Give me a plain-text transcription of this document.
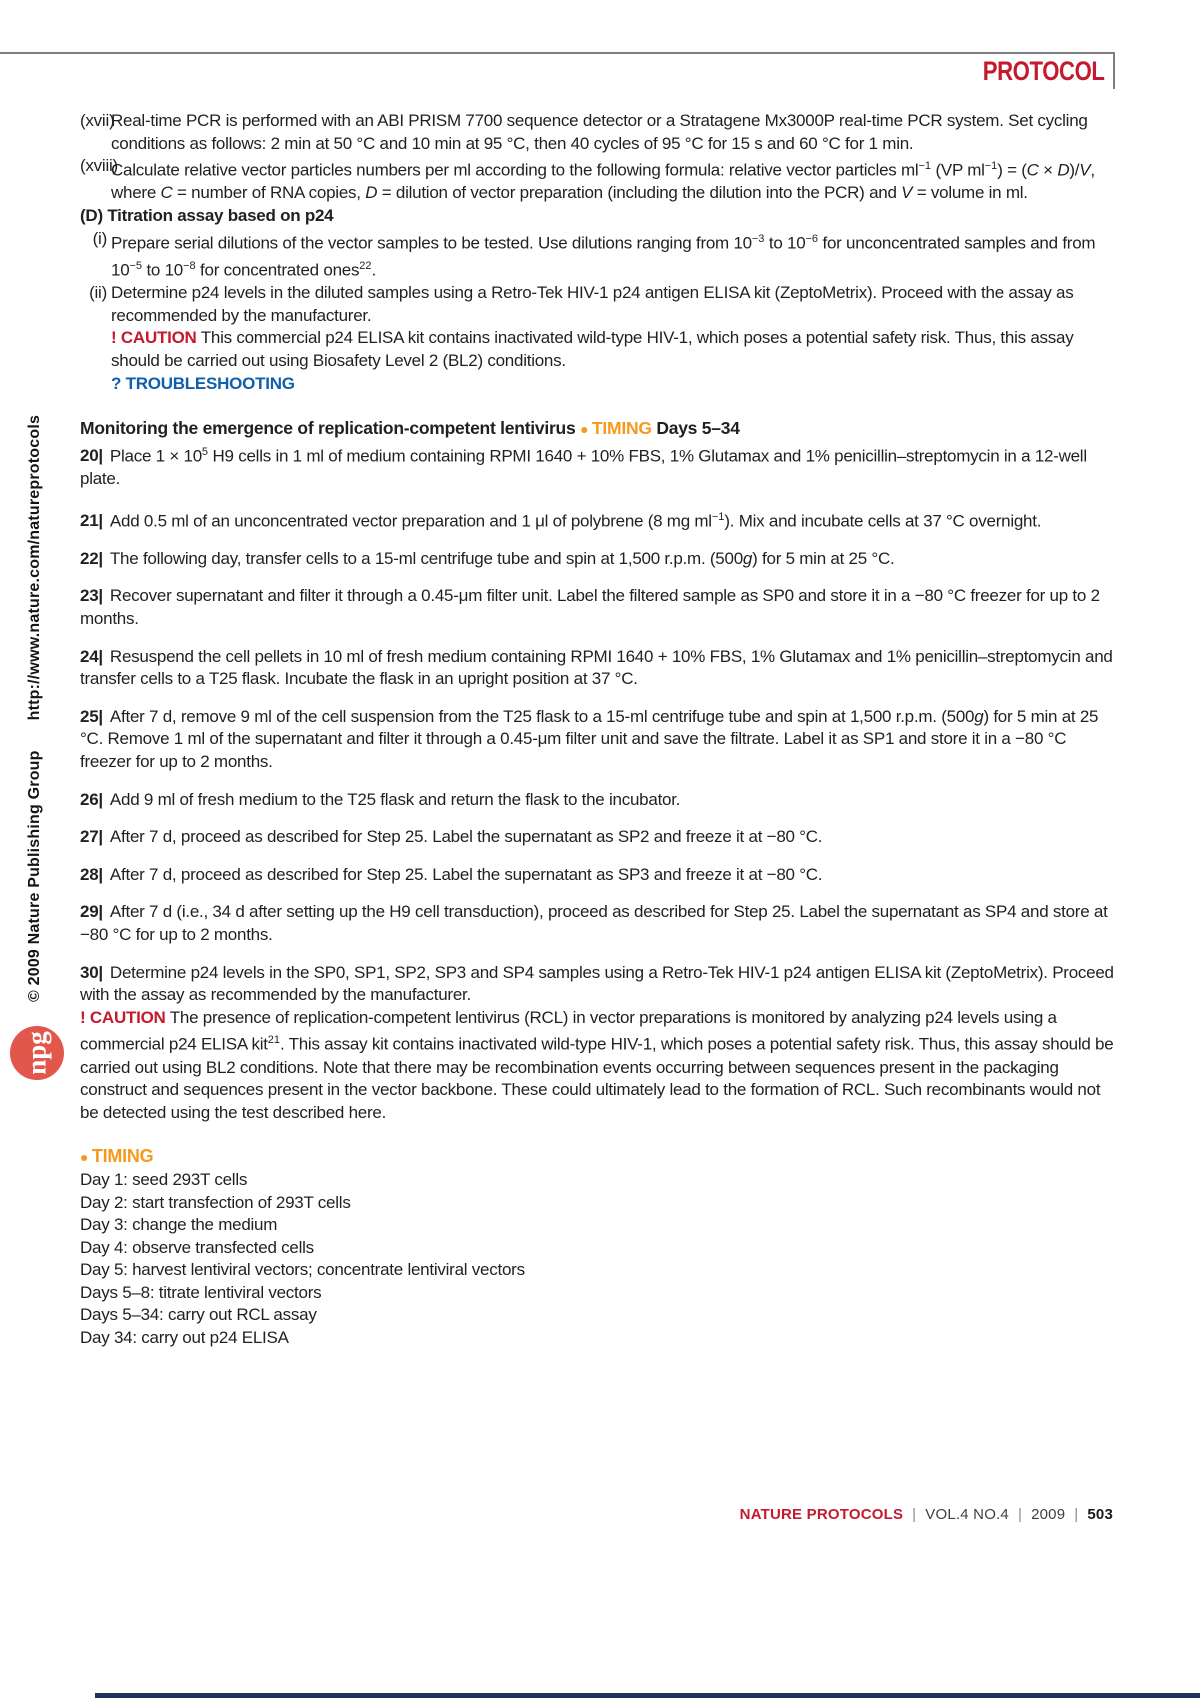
PROTOCOL
© 2009 Nature Publishing Grouphttp://www.nature.com/natureprotocols
npg
(xvii)
Real-time PCR is performed with an ABI PRISM 7700 sequence detector or a Stratagene Mx3000P real-time PCR system. Set cycling conditions as follows: 2 min at 50 °C and 10 min at 95 °C, then 40 cycles of 95 °C for 15 s and 60 °C for 1 min.
(xviii)
Calculate relative vector particles numbers per ml according to the following formula: relative vector particles $ml^{-1}$ (VP $ml^{-1}) = (C \times D)/V$, where C = number of RNA copies, D = dilution of vector preparation (including the dilution into the PCR) and V = volume in ml.
(D) Titration assay based on p24
(i) Prepare serial dilutions of the vector samples to be tested. Use dilutions ranging from $10^{-3}$ to $10^{-6}$ for unconcentrated samples and from $10^{-5}$ to $10^{-8}$ for concentrated ones$^{22}$.
(ii) Determine p24 levels in the diluted samples using a Retro-Tek HIV-1 p24 antigen ELISA kit (ZeptoMetrix). Proceed with the assay as recommended by the manufacturer.
! CAUTION This commercial p24 ELISA kit contains inactivated wild-type HIV-1, which poses a potential safety risk. Thus, this assay should be carried out using Biosafety Level 2 (BL2) conditions.
? TROUBLESHOOTING
Monitoring the emergence of replication-competent lentivirus ● TIMING Days 5–34
20| Place $1 \times 10^5$ H9 cells in 1 ml of medium containing RPMI 1640 + 10% FBS, 1% Glutamax and 1% penicillin–streptomycin in a 12-well plate.
21| Add 0.5 ml of an unconcentrated vector preparation and 1 μl of polybrene (8 mg $ml^{-1}$). Mix and incubate cells at 37 °C overnight.
22| The following day, transfer cells to a 15-ml centrifuge tube and spin at 1,500 r.p.m. (500g) for 5 min at 25 °C.
23| Recover supernatant and filter it through a 0.45-μm filter unit. Label the filtered sample as SP0 and store it in a −80 °C freezer for up to 2 months.
24| Resuspend the cell pellets in 10 ml of fresh medium containing RPMI 1640 + 10% FBS, 1% Glutamax and 1% penicillin–streptomycin and transfer cells to a T25 flask. Incubate the flask in an upright position at 37 °C.
25| After 7 d, remove 9 ml of the cell suspension from the T25 flask to a 15-ml centrifuge tube and spin at 1,500 r.p.m. (500g) for 5 min at 25 °C. Remove 1 ml of the supernatant and filter it through a 0.45-μm filter unit and save the filtrate. Label it as SP1 and store it in a −80 °C freezer for up to 2 months.
26| Add 9 ml of fresh medium to the T25 flask and return the flask to the incubator.
27| After 7 d, proceed as described for Step 25. Label the supernatant as SP2 and freeze it at −80 °C.
28| After 7 d, proceed as described for Step 25. Label the supernatant as SP3 and freeze it at −80 °C.
29| After 7 d (i.e., 34 d after setting up the H9 cell transduction), proceed as described for Step 25. Label the supernatant as SP4 and store at −80 °C for up to 2 months.
30| Determine p24 levels in the SP0, SP1, SP2, SP3 and SP4 samples using a Retro-Tek HIV-1 p24 antigen ELISA kit (ZeptoMetrix). Proceed with the assay as recommended by the manufacturer.
! CAUTION The presence of replication-competent lentivirus (RCL) in vector preparations is monitored by analyzing p24 levels using a commercial p24 ELISA kit$^{21}$. This assay kit contains inactivated wild-type HIV-1, which poses a potential safety risk. Thus, this assay should be carried out using BL2 conditions. Note that there may be recombination events occurring between sequences present in the packaging construct and sequences present in the vector backbone. These could ultimately lead to the formation of RCL. Such recombinants would not be detected using the test described here.
● TIMING
Day 1: seed 293T cells
Day 2: start transfection of 293T cells
Day 3: change the medium
Day 4: observe transfected cells
Day 5: harvest lentiviral vectors; concentrate lentiviral vectors
Days 5–8: titrate lentiviral vectors
Days 5–34: carry out RCL assay
Day 34: carry out p24 ELISA
NATURE PROTOCOLS | VOL.4 NO.4 | 2009 | 503
